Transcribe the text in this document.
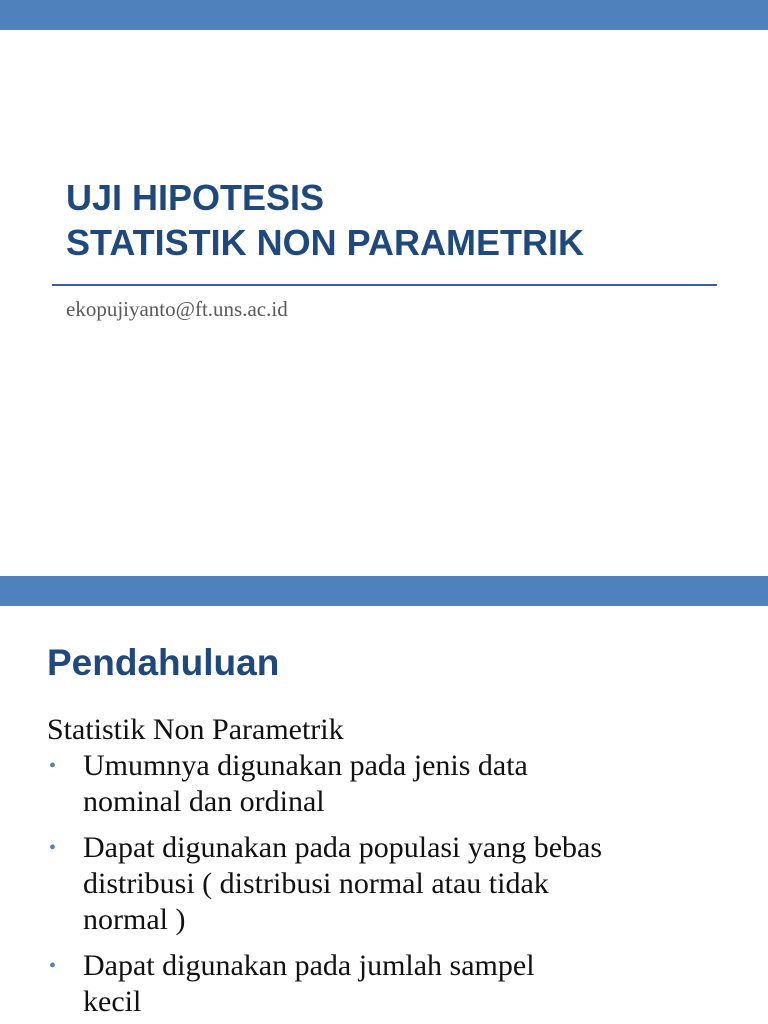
UJI HIPOTESIS
STATISTIK NON PARAMETRIK

ekopujiyanto@ft.uns.ac.id

Pendahuluan

Statistik Non Parametrik

• Umumnya digunakan pada jenis data
nominal dan ordinal
• Dapat digunakan pada populasi yang bebas
distribusi ( distribusi normal atau tidak
normal )
• Dapat digunakan pada jumlah sampel
kecil
